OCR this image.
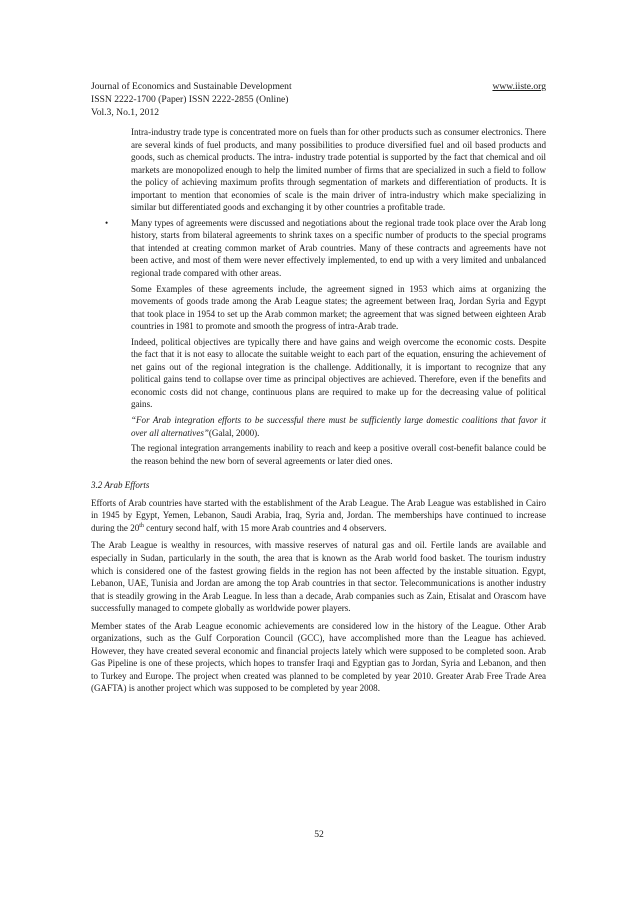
Journal of Economics and Sustainable Development	www.iiste.org
ISSN 2222-1700 (Paper) ISSN 2222-2855 (Online)
Vol.3, No.1, 2012

Intra-industry trade type is concentrated more on fuels than for other products such as consumer electronics. There are several kinds of fuel products, and many possibilities to produce diversified fuel and oil based products and goods, such as chemical products. The intra- industry trade potential is supported by the fact that chemical and oil markets are monopolized enough to help the limited number of firms that are specialized in such a field to follow the policy of achieving maximum profits through segmentation of markets and differentiation of products. It is important to mention that economies of scale is the main driver of intra-industry which make specializing in similar but differentiated goods and exchanging it by other countries a profitable trade.

•	Many types of agreements were discussed and negotiations about the regional trade took place over the Arab long history, starts from bilateral agreements to shrink taxes on a specific number of products to the special programs that intended at creating common market of Arab countries. Many of these contracts and agreements have not been active, and most of them were never effectively implemented, to end up with a very limited and unbalanced regional trade compared with other areas.

Some Examples of these agreements include, the agreement signed in 1953 which aims at organizing the movements of goods trade among the Arab League states; the agreement between Iraq, Jordan Syria and Egypt that took place in 1954 to set up the Arab common market; the agreement that was signed between eighteen Arab countries in 1981 to promote and smooth the progress of intra-Arab trade.

Indeed, political objectives are typically there and have gains and weigh overcome the economic costs. Despite the fact that it is not easy to allocate the suitable weight to each part of the equation, ensuring the achievement of net gains out of the regional integration is the challenge. Additionally, it is important to recognize that any political gains tend to collapse over time as principal objectives are achieved. Therefore, even if the benefits and economic costs did not change, continuous plans are required to make up for the decreasing value of political gains.

“For Arab integration efforts to be successful there must be sufficiently large domestic coalitions that favor it over all alternatives”(Galal, 2000).

The regional integration arrangements inability to reach and keep a positive overall cost-benefit balance could be the reason behind the new born of several agreements or later died ones.

3.2 Arab Efforts

Efforts of Arab countries have started with the establishment of the Arab League. The Arab League was established in Cairo in 1945 by Egypt, Yemen, Lebanon, Saudi Arabia, Iraq, Syria and, Jordan. The memberships have continued to increase during the 20th century second half, with 15 more Arab countries and 4 observers.

The Arab League is wealthy in resources, with massive reserves of natural gas and oil. Fertile lands are available and especially in Sudan, particularly in the south, the area that is known as the Arab world food basket. The tourism industry which is considered one of the fastest growing fields in the region has not been affected by the instable situation. Egypt, Lebanon, UAE, Tunisia and Jordan are among the top Arab countries in that sector. Telecommunications is another industry that is steadily growing in the Arab League. In less than a decade, Arab companies such as Zain, Etisalat and Orascom have successfully managed to compete globally as worldwide power players.

Member states of the Arab League economic achievements are considered low in the history of the League. Other Arab organizations, such as the Gulf Corporation Council (GCC), have accomplished more than the League has achieved. However, they have created several economic and financial projects lately which were supposed to be completed soon. Arab Gas Pipeline is one of these projects, which hopes to transfer Iraqi and Egyptian gas to Jordan, Syria and Lebanon, and then to Turkey and Europe. The project when created was planned to be completed by year 2010. Greater Arab Free Trade Area (GAFTA) is another project which was supposed to be completed by year 2008.

52
